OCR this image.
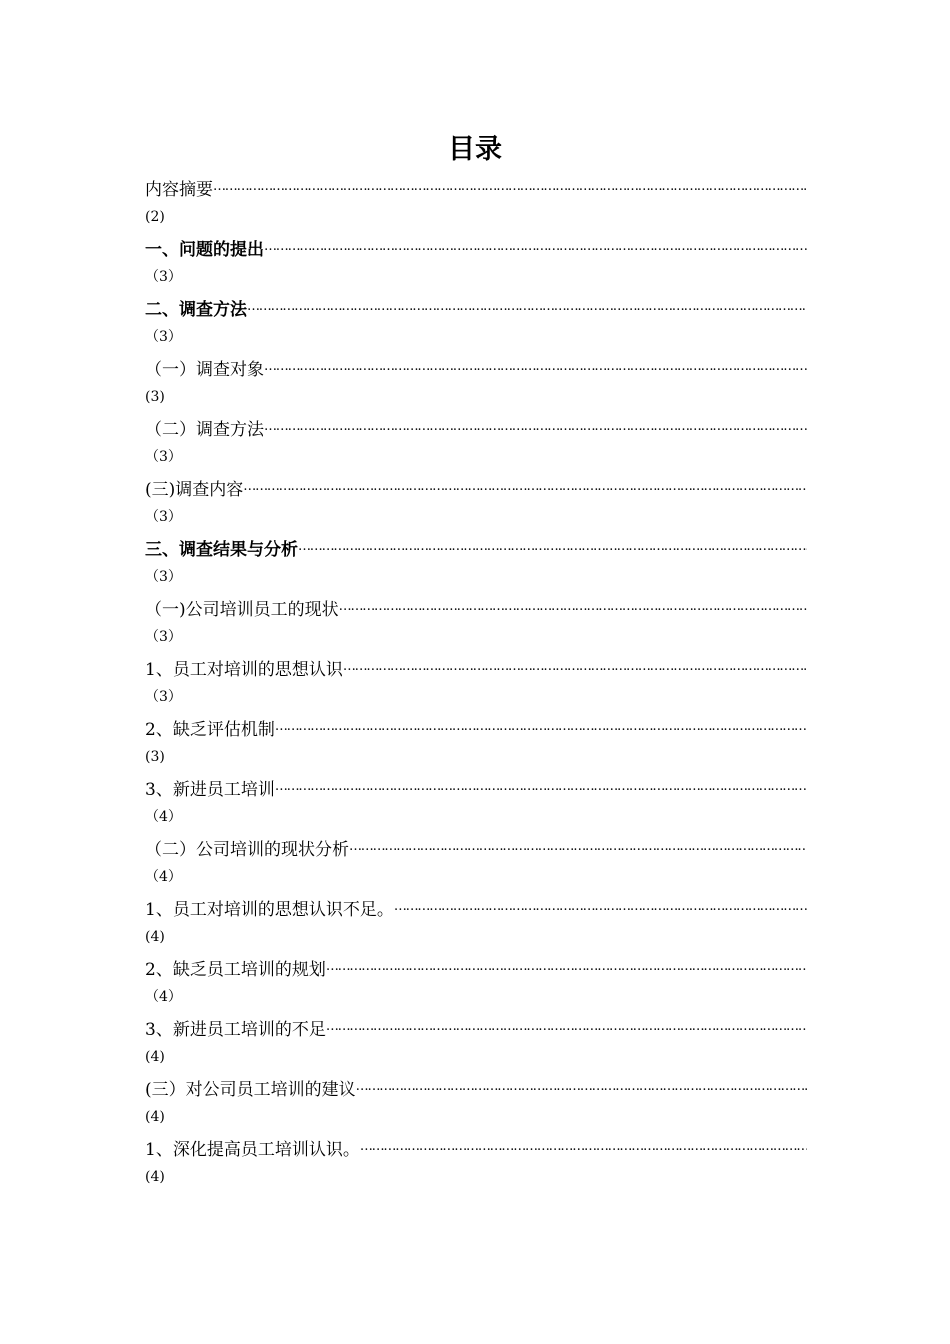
目录
内容摘要
……………………………………………………………………………………………………………………………………………………………………………………
(2)
一、问题的提出
……………………………………………………………………………………………………………………………………………………………………………………
（3）
二、调查方法
……………………………………………………………………………………………………………………………………………………………………………………
（3）
（一）调查对象
……………………………………………………………………………………………………………………………………………………………………………………
(3)
（二）调查方法
……………………………………………………………………………………………………………………………………………………………………………………
（3）
(三)调查内容
……………………………………………………………………………………………………………………………………………………………………………………
（3）
三、调查结果与分析
……………………………………………………………………………………………………………………………………………………………………………………
（3）
（一)公司培训员工的现状
……………………………………………………………………………………………………………………………………………………………………………………
（3）
1、员工对培训的思想认识
……………………………………………………………………………………………………………………………………………………………………………………
（3）
2、缺乏评估机制
……………………………………………………………………………………………………………………………………………………………………………………
(3)
3、新进员工培训
……………………………………………………………………………………………………………………………………………………………………………………
（4）
（二）公司培训的现状分析
……………………………………………………………………………………………………………………………………………………………………………………
（4）
1、员工对培训的思想认识不足。
……………………………………………………………………………………………………………………………………………………………………………………
(4)
2、缺乏员工培训的规划
……………………………………………………………………………………………………………………………………………………………………………………
（4）
3、新进员工培训的不足
……………………………………………………………………………………………………………………………………………………………………………………
(4)
(三）对公司员工培训的建议
……………………………………………………………………………………………………………………………………………………………………………………
(4)
1、深化提高员工培训认识。
……………………………………………………………………………………………………………………………………………………………………………………
(4)
